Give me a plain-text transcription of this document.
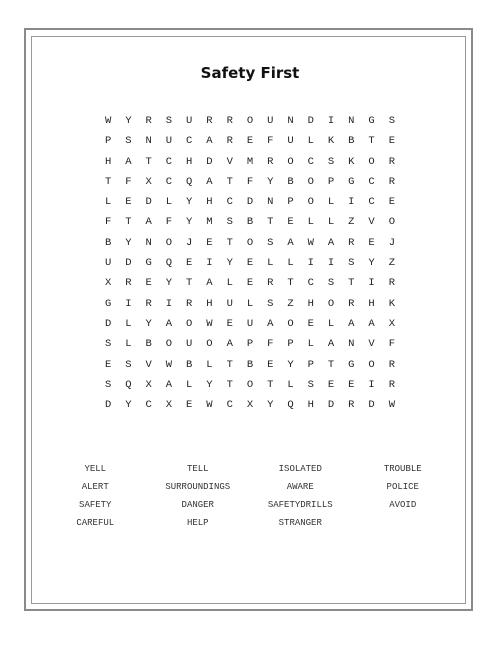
Safety First
W	Y	R	S	U	R	R	O	U	N	D	I	N	G	S
P	S	N	U	C	A	R	E	F	U	L	K	B	T	E
H	A	T	C	H	D	V	M	R	O	C	S	K	O	R
T	F	X	C	Q	A	T	F	Y	B	O	P	G	C	R
L	E	D	L	Y	H	C	D	N	P	O	L	I	C	E
F	T	A	F	Y	M	S	B	T	E	L	L	Z	V	O
B	Y	N	O	J	E	T	O	S	A	W	A	R	E	J
U	D	G	Q	E	I	Y	E	L	L	I	I	S	Y	Z
X	R	E	Y	T	A	L	E	R	T	C	S	T	I	R
G	I	R	I	R	H	U	L	S	Z	H	O	R	H	K
D	L	Y	A	O	W	E	U	A	O	E	L	A	A	X
S	L	B	O	U	O	A	P	F	P	L	A	N	V	F
E	S	V	W	B	L	T	B	E	Y	P	T	G	O	R
S	Q	X	A	L	Y	T	O	T	L	S	E	E	I	R
D	Y	C	X	E	W	C	X	Y	Q	H	D	R	D	W
YELL	TELL	ISOLATED	TROUBLE
ALERT	SURROUNDINGS	AWARE	POLICE
SAFETY	DANGER	SAFETYDRILLS	AVOID
CAREFUL	HELP	STRANGER
